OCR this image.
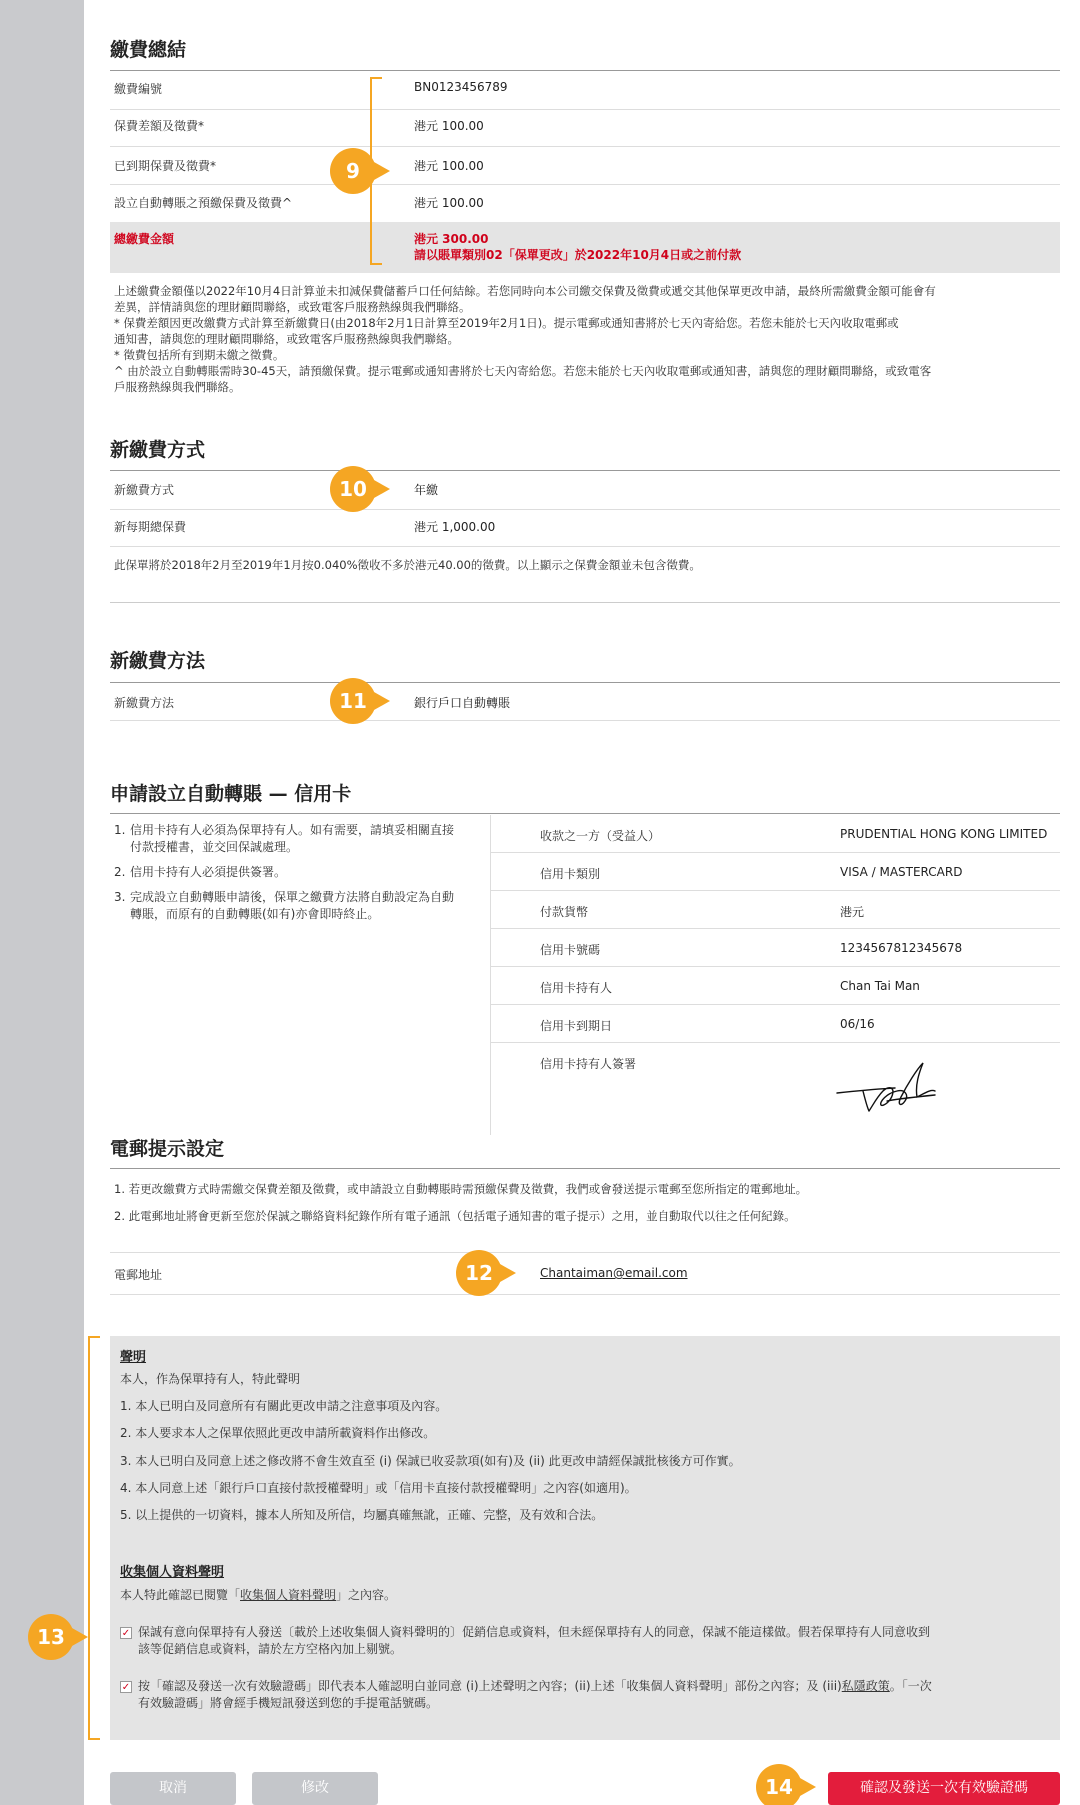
繳費總結
繳費編號	BN0123456789
保費差額及徵費*	港元 100.00
已到期保費及徵費*	港元 100.00
設立自動轉賬之預繳保費及徵費^	港元 100.00
總繳費金額	港元 300.00
請以賬單類別02「保單更改」於2022年10月4日或之前付款
上述繳費金額僅以2022年10月4日計算並未扣減保費儲蓄戶口任何結餘。若您同時向本公司繳交保費及徵費或遞交其他保單更改申請，最終所需繳費金額可能會有
差異，詳情請與您的理財顧問聯絡，或致電客戶服務熱線與我們聯絡。
* 保費差額因更改繳費方式計算至新繳費日(由2018年2月1日計算至2019年2月1日)。提示電郵或通知書將於七天內寄給您。若您未能於七天內收取電郵或
通知書，請與您的理財顧問聯絡，或致電客戶服務熱線與我們聯絡。
* 徵費包括所有到期未繳之徵費。
^ 由於設立自動轉賬需時30-45天，請預繳保費。提示電郵或通知書將於七天內寄給您。若您未能於七天內收取電郵或通知書，請與您的理財顧問聯絡，或致電客
戶服務熱線與我們聯絡。
9
新繳費方式
新繳費方式	年繳
新每期總保費	港元 1,000.00
此保單將於2018年2月至2019年1月按0.040%徵收不多於港元40.00的徵費。以上顯示之保費金額並未包含徵費。
10
新繳費方法
新繳費方法	銀行戶口自動轉賬
11
申請設立自動轉賬 — 信用卡
1. 信用卡持有人必須為保單持有人。如有需要，請填妥相關直接付款授權書，並交回保誠處理。
2. 信用卡持有人必須提供簽署。
3. 完成設立自動轉賬申請後，保單之繳費方法將自動設定為自動轉賬，而原有的自動轉賬(如有)亦會即時終止。
收款之一方（受益人）	PRUDENTIAL HONG KONG LIMITED
信用卡類別	VISA / MASTERCARD
付款貨幣	港元
信用卡號碼	1234567812345678
信用卡持有人	Chan Tai Man
信用卡到期日	06/16
信用卡持有人簽署
電郵提示設定
1. 若更改繳費方式時需繳交保費差額及徵費，或申請設立自動轉賬時需預繳保費及徵費，我們或會發送提示電郵至您所指定的電郵地址。
2. 此電郵地址將會更新至您於保誠之聯絡資料紀錄作所有電子通訊（包括電子通知書的電子提示）之用，並自動取代以往之任何紀錄。
電郵地址	Chantaiman@email.com
12
聲明
本人，作為保單持有人，特此聲明
1. 本人已明白及同意所有有關此更改申請之注意事項及內容。
2. 本人要求本人之保單依照此更改申請所載資料作出修改。
3. 本人已明白及同意上述之修改將不會生效直至 (i) 保誠已收妥款項(如有)及 (ii) 此更改申請經保誠批核後方可作實。
4. 本人同意上述「銀行戶口直接付款授權聲明」或「信用卡直接付款授權聲明」之內容(如適用)。
5. 以上提供的一切資料，據本人所知及所信，均屬真確無訛，正確、完整，及有效和合法。
收集個人資料聲明
本人特此確認已閱覽「收集個人資料聲明」之內容。
✓ 保誠有意向保單持有人發送〔載於上述收集個人資料聲明的〕促銷信息或資料，但未經保單持有人的同意，保誠不能這樣做。假若保單持有人同意收到
該等促銷信息或資料，請於左方空格內加上剔號。
✓ 按「確認及發送一次有效驗證碼」即代表本人確認明白並同意 (i)上述聲明之內容；(ii)上述「收集個人資料聲明」部份之內容；及 (iii)私隱政策。「一次
有效驗證碼」將會經手機短訊發送到您的手提電話號碼。
13
取消	修改	確認及發送一次有效驗證碼
14
